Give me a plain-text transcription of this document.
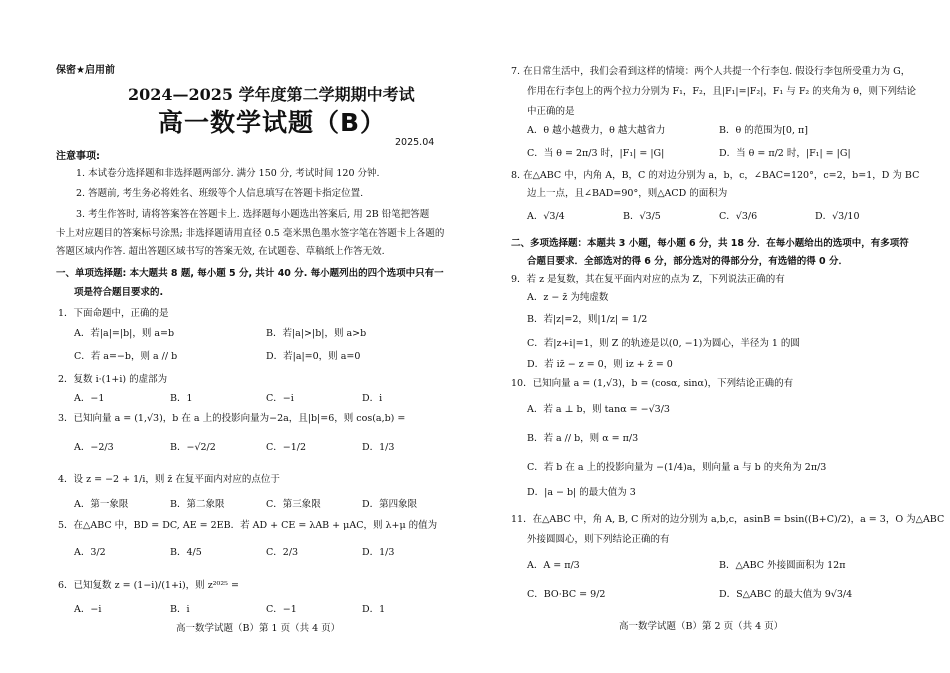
保密★启用前
2024—2025 学年度第二学期期中考试
高一数学试题（B）
2025.04
注意事项:
1. 本试卷分选择题和非选择题两部分. 满分 150 分, 考试时间 120 分钟.
2. 答题前, 考生务必将姓名、班级等个人信息填写在答题卡指定位置.
3. 考生作答时, 请将答案答在答题卡上. 选择题每小题选出答案后, 用 2B 铅笔把答题
卡上对应题目的答案标号涂黑; 非选择题请用直径 0.5 毫米黑色墨水签字笔在答题卡上各题的
答题区域内作答. 超出答题区域书写的答案无效, 在试题卷、草稿纸上作答无效.
一、单项选择题: 本大题共 8 题, 每小题 5 分, 共计 40 分. 每小题列出的四个选项中只有一
项是符合题目要求的.
1．下面命题中，正确的是
A．若|a|=|b|，则 a=b	B．若|a|>|b|，则 a>b
C．若 a=−b，则 a // b	D．若|a|=0，则 a=0
2．复数 i·(1+i) 的虚部为
A．−1	B．1	C．−i	D．i
3．已知向量 a = (1,√3)，b 在 a 上的投影向量为−2a，且|b|=6，则 cos(a,b) =
A．−2/3	B．−√2/2	C．−1/2	D．1/3
4．设 z = −2 + 1/i，则 z̄ 在复平面内对应的点位于
A．第一象限	B．第二象限	C．第三象限	D．第四象限
5．在△ABC 中，BD = DC, AE = 2EB．若 AD + CE = λAB + μAC，则 λ+μ 的值为
A．3/2	B．4/5	C．2/3	D．1/3
6．已知复数 z = (1−i)/(1+i)，则 z²⁰²⁵ =
A．−i	B．i	C．−1	D．1
高一数学试题（B）第 1 页（共 4 页）
7. 在日常生活中，我们会看到这样的情境：两个人共提一个行李包. 假设行李包所受重力为 G，
作用在行李包上的两个拉力分别为 F₁，F₂，且|F₁|=|F₂|，F₁ 与 F₂ 的夹角为 θ，则下列结论
中正确的是
A．θ 越小越费力，θ 越大越省力	B．θ 的范围为[0, π]
C．当 θ = 2π/3 时，|F₁| = |G|	D．当 θ = π/2 时，|F₁| = |G|
8. 在△ABC 中，内角 A，B，C 的对边分别为 a，b，c，∠BAC=120°，c=2，b=1，D 为 BC
边上一点，且∠BAD=90°，则△ACD 的面积为
A．√3/4	B．√3/5	C．√3/6	D．√3/10
二、多项选择题：本题共 3 小题，每小题 6 分，共 18 分．在每小题给出的选项中，有多项符
合题目要求．全部选对的得 6 分，部分选对的得部分分，有选错的得 0 分．
9．若 z 是复数，其在复平面内对应的点为 Z，下列说法正确的有
A．z − z̄ 为纯虚数
B．若|z|=2，则|1/z| = 1/2
C．若|z+i|=1，则 Z 的轨迹是以(0, −1)为圆心，半径为 1 的圆
D．若 iz̄ − z = 0，则 iz + z̄ = 0
10．已知向量 a = (1,√3)，b = (cosα, sinα)，下列结论正确的有
A．若 a ⊥ b，则 tanα = −√3/3
B．若 a // b，则 α = π/3
C．若 b 在 a 上的投影向量为 −(1/4)a，则向量 a 与 b 的夹角为 2π/3
D．|a − b| 的最大值为 3
11．在△ABC 中，角 A, B, C 所对的边分别为 a,b,c，asinB = bsin((B+C)/2)，a = 3，O 为△ABC
外接圆圆心，则下列结论正确的有
A．A = π/3	B．△ABC 外接圆面积为 12π
C．BO·BC = 9/2	D．S△ABC 的最大值为 9√3/4
高一数学试题（B）第 2 页（共 4 页）
